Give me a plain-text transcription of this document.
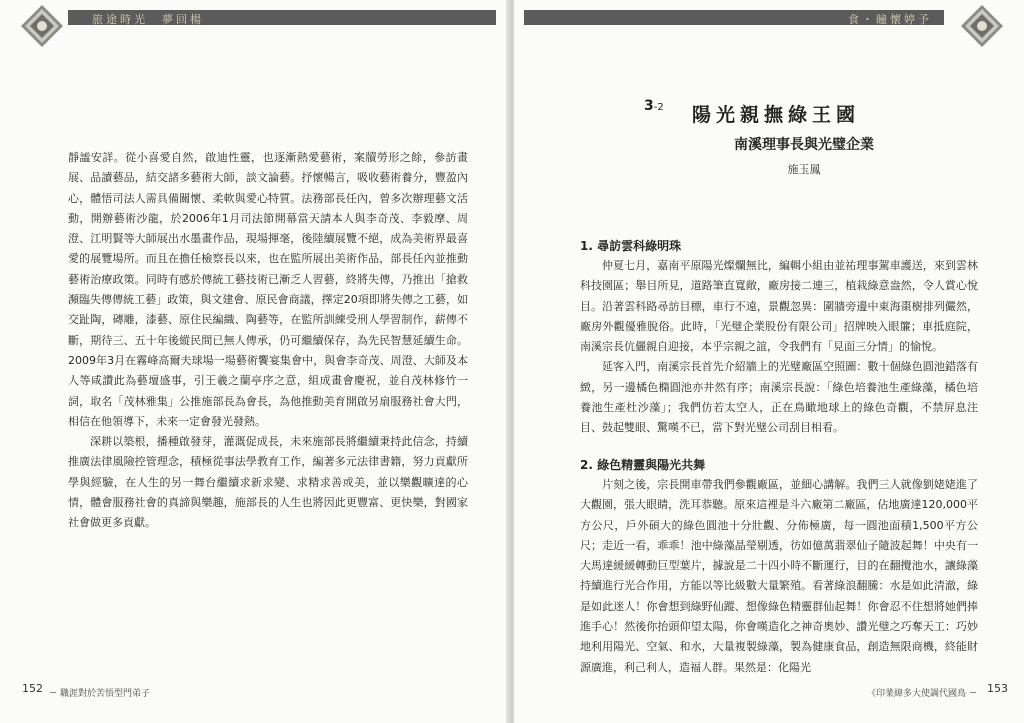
旅途時光　夢回楊

靜謐安詳。從小喜愛自然，啟迪性靈，也逐漸熱愛藝術，案牘勞形之餘，參訪畫展、品讀藝品，結交諸多藝術大師，談文論藝。抒懷暢言，吸收藝術養分，豐盈內心，體悟司法人需具備關懷、柔軟與愛心特質。法務部長任內，曾多次辦理藝文活動，開辦藝術沙龍，於2006年1月司法節開幕當天請本人與李奇茂、李毅摩、周澄、江明賢等大師展出水墨畫作品，現場揮毫，後陸續展覽不絕，成為美術界最喜愛的展覽場所。而且在擔任檢察長以來，也在監所展出美術作品，部長任內並推動藝術治療政策。同時有感於傳統工藝技術已漸乏人習藝，終將失傳，乃推出「搶救瀕臨失傳傳統工藝」政策，與文建會、原民會商議，擇定20項即將失傳之工藝，如交趾陶，磚雕，漆藝、原住民編織、陶藝等，在監所訓練受刑人學習制作，薪傳不斷，期待三、五十年後縱民間已無人傳承，仍可繼續保存，為先民智慧延續生命。2009年3月在霧峰高爾夫球場一場藝術饗宴集會中，與會李奇茂、周澄、大師及本人等咸讚此為藝壇盛事，引王羲之蘭亭序之意，組成畫會慶祝，並自茂林修竹一詞，取名「茂林雅集」公推施部長為會長，為他推動美育開啟另扇服務社會大門，相信在他領導下，未來一定會發光發熱。

深耕以築根，播種啟發芽，灌溉促成長，未來施部長將繼續秉持此信念，持續推廣法律風險控管理念，積極從事法學教育工作，編著多元法律書籍，努力貢獻所學與經驗，在人生的另一舞台繼續求新求變、求精求善或美，並以樂觀曠達的心情，體會服務社會的真諦與樂趣，施部長的人生也將因此更豐富、更快樂，對國家社會做更多貢獻。

152 職涯對於苦悟型門弟子
食・瞳懷婷予
3-2 陽光親撫綠王國
南溪理事長與光璧企業
施玉鳳
1. 尋訪雲科綠明珠

仲夏七月，嘉南平原陽光燦爛無比，編輯小組由並祐理事駕車護送，來到雲林科技園區；舉目所見，道路筆直寬敞，廠房接二連三，植栽綠意盎然，令人賞心悅目。沿著雲科路尋訪目標，車行不遠，景觀忽異：圍牆旁邊中東海棗樹排列儼然，廠房外觀優雅脫俗。此時，「光璧企業股份有限公司」招牌映入眼簾；車抵庭院，南溪宗長伉儷親自迎接，本乎宗親之誼，令我們有「見面三分情」的愉悅。

延客入門，南溪宗長首先介紹牆上的光璧廠區空照圖：數十個綠色圓池錯落有緻，另一邊橘色橢圓池亦井然有序；南溪宗長說：「綠色培養池生產綠藻，橘色培養池生產杜沙藻」；我們仿若太空人，正在鳥瞰地球上的綠色奇觀，不禁屏息注目、鼓起雙眼、驚嘆不已，當下對光璧公司刮目相看。

2. 綠色精靈與陽光共舞

片刻之後，宗長開車帶我們參觀廠區，並細心講解。我們三人就像劉姥姥進了大觀園，張大眼睛，洗耳恭聽。原來這裡是斗六廠第二廠區，佔地廣達120,000平方公尺，戶外碩大的綠色圓池十分壯觀、分佈極廣，每一圓池面積1,500平方公尺；走近一看，乖乖！池中綠藻晶瑩剔透，彷如億萬翡翠仙子隨波起舞！中央有一大馬達緩緩轉動巨型葉片，據說是二十四小時不斷運行，目的在翻攪池水，讓綠藻持續進行光合作用，方能以等比級數大量繁殖。看著綠浪翻騰：水是如此清澈，綠是如此迷人！你會想到綠野仙蹤、想像綠色精靈群仙起舞！你會忍不住想將她們捧進手心！然後你抬頭仰望太陽，你會嘆造化之神奇奧妙、讚光璧之巧奪天工：巧妙地利用陽光、空氣、和水，大量複製綠藻，製為健康食品，創造無限商機，終能財源廣進，利己利人，造福人群。果然是：化陽光

《印業緯多大使調代國鳥 153
